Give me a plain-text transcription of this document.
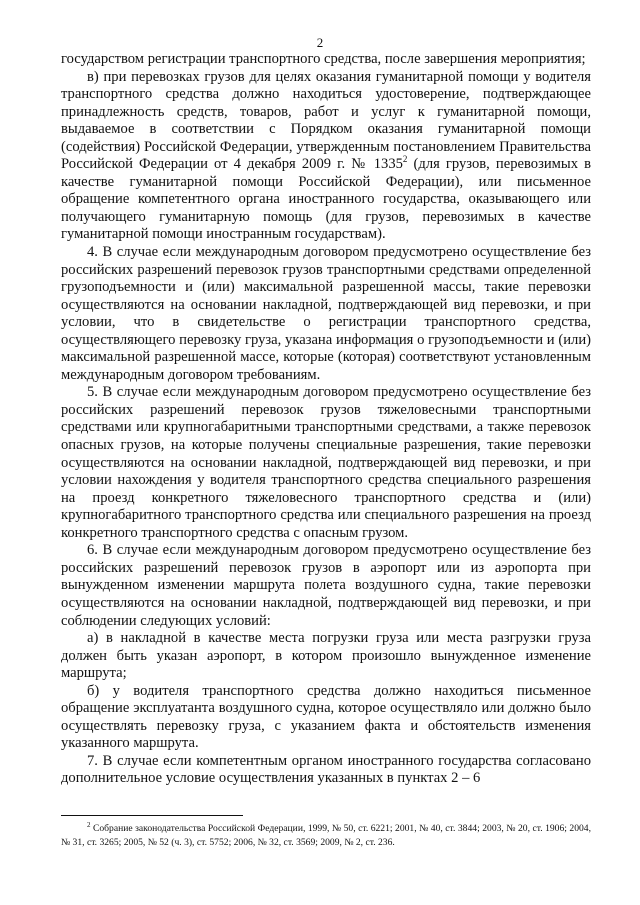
2

государством регистрации транспортного средства, после завершения мероприятия;

в) при перевозках грузов для целях оказания гуманитарной помощи у водителя транспортного средства должно находиться удостоверение, подтверждающее принадлежность средств, товаров, работ и услуг к гуманитарной помощи, выдаваемое в соответствии с Порядком оказания гуманитарной помощи (содействия) Российской Федерации, утвержденным постановлением Правительства Российской Федерации от 4 декабря 2009 г. № 1335$^2$ (для грузов, перевозимых в качестве гуманитарной помощи Российской Федерации), или письменное обращение компетентного органа иностранного государства, оказывающего или получающего гуманитарную помощь (для грузов, перевозимых в качестве гуманитарной помощи иностранным государствам).

4. В случае если международным договором предусмотрено осуществление без российских разрешений перевозок грузов транспортными средствами определенной грузоподъемности и (или) максимальной разрешенной массы, такие перевозки осуществляются на основании накладной, подтверждающей вид перевозки, и при условии, что в свидетельстве о регистрации транспортного средства, осуществляющего перевозку груза, указана информация о грузоподъемности и (или) максимальной разрешенной массе, которые (которая) соответствуют установленным международным договором требованиям.

5. В случае если международным договором предусмотрено осуществление без российских разрешений перевозок грузов тяжеловесными транспортными средствами или крупногабаритными транспортными средствами, а также перевозок опасных грузов, на которые получены специальные разрешения, такие перевозки осуществляются на основании накладной, подтверждающей вид перевозки, и при условии нахождения у водителя транспортного средства специального разрешения на проезд конкретного тяжеловесного транспортного средства и (или) крупногабаритного транспортного средства или специального разрешения на проезд конкретного транспортного средства с опасным грузом.

6. В случае если международным договором предусмотрено осуществление без российских разрешений перевозок грузов в аэропорт или из аэропорта при вынужденном изменении маршрута полета воздушного судна, такие перевозки осуществляются на основании накладной, подтверждающей вид перевозки, и при соблюдении следующих условий:

а) в накладной в качестве места погрузки груза или места разгрузки груза должен быть указан аэропорт, в котором произошло вынужденное изменение маршрута;

б) у водителя транспортного средства должно находиться письменное обращение эксплуатанта воздушного судна, которое осуществляло или должно было осуществлять перевозку груза, с указанием факта и обстоятельств изменения указанного маршрута.

7. В случае если компетентным органом иностранного государства согласовано дополнительное условие осуществления указанных в пунктах 2 – 6

$^2$ Собрание законодательства Российской Федерации, 1999, № 50, ст. 6221; 2001, № 40, ст. 3844; 2003, № 20, ст. 1906; 2004, № 31, ст. 3265; 2005, № 52 (ч. 3), ст. 5752; 2006, № 32, ст. 3569; 2009, № 2, ст. 236.
